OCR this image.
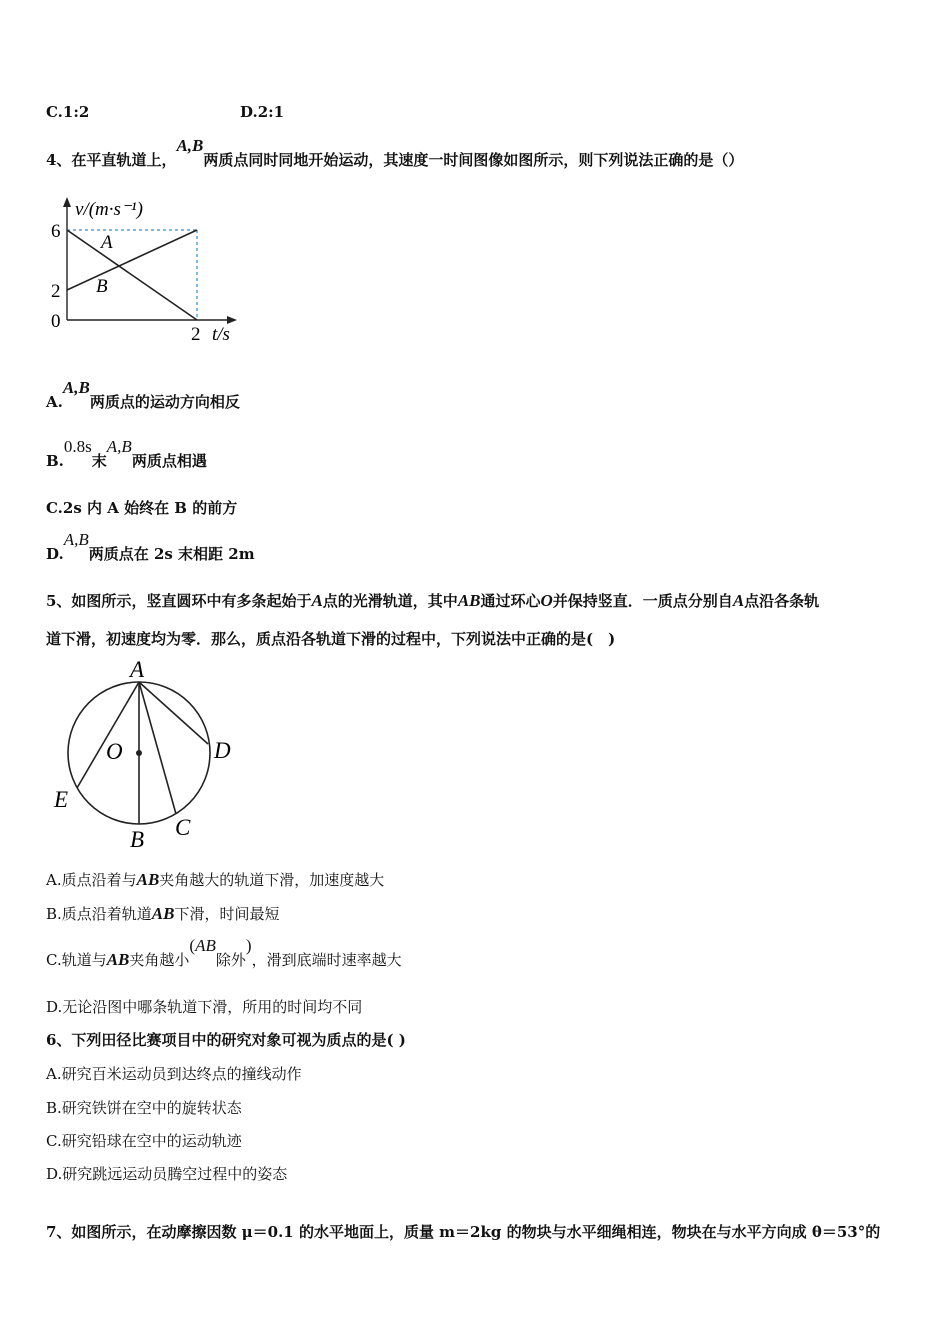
C.1:2	D.2:1
4、在平直轨道上，A,B两质点同时同地开始运动，其速度一时间图像如图所示，则下列说法正确的是（）
v/(m·s⁻¹)
6
2
0
2 t/s
A
B
A.A,B两质点的运动方向相反
B.0.8s末A,B两质点相遇
C.2s 内 A 始终在 B 的前方
D.A,B两质点在 2s 末相距 2m
5、如图所示，竖直圆环中有多条起始于A点的光滑轨道，其中AB通过环心O并保持竖直．一质点分别自A点沿各条轨
道下滑，初速度均为零．那么，质点沿各轨道下滑的过程中，下列说法中正确的是(　)
A
O	D
E
B C
A.质点沿着与AB夹角越大的轨道下滑，加速度越大
B.质点沿着轨道AB下滑，时间最短
C.轨道与AB夹角越小(AB除外)，滑到底端时速率越大
D.无论沿图中哪条轨道下滑，所用的时间均不同
6、下列田径比赛项目中的研究对象可视为质点的是( )
A.研究百米运动员到达终点的撞线动作
B.研究铁饼在空中的旋转状态
C.研究铅球在空中的运动轨迹
D.研究跳远运动员腾空过程中的姿态
7、如图所示，在动摩擦因数 μ＝0.1 的水平地面上，质量 m＝2kg 的物块与水平细绳相连，物块在与水平方向成 θ＝53°的
